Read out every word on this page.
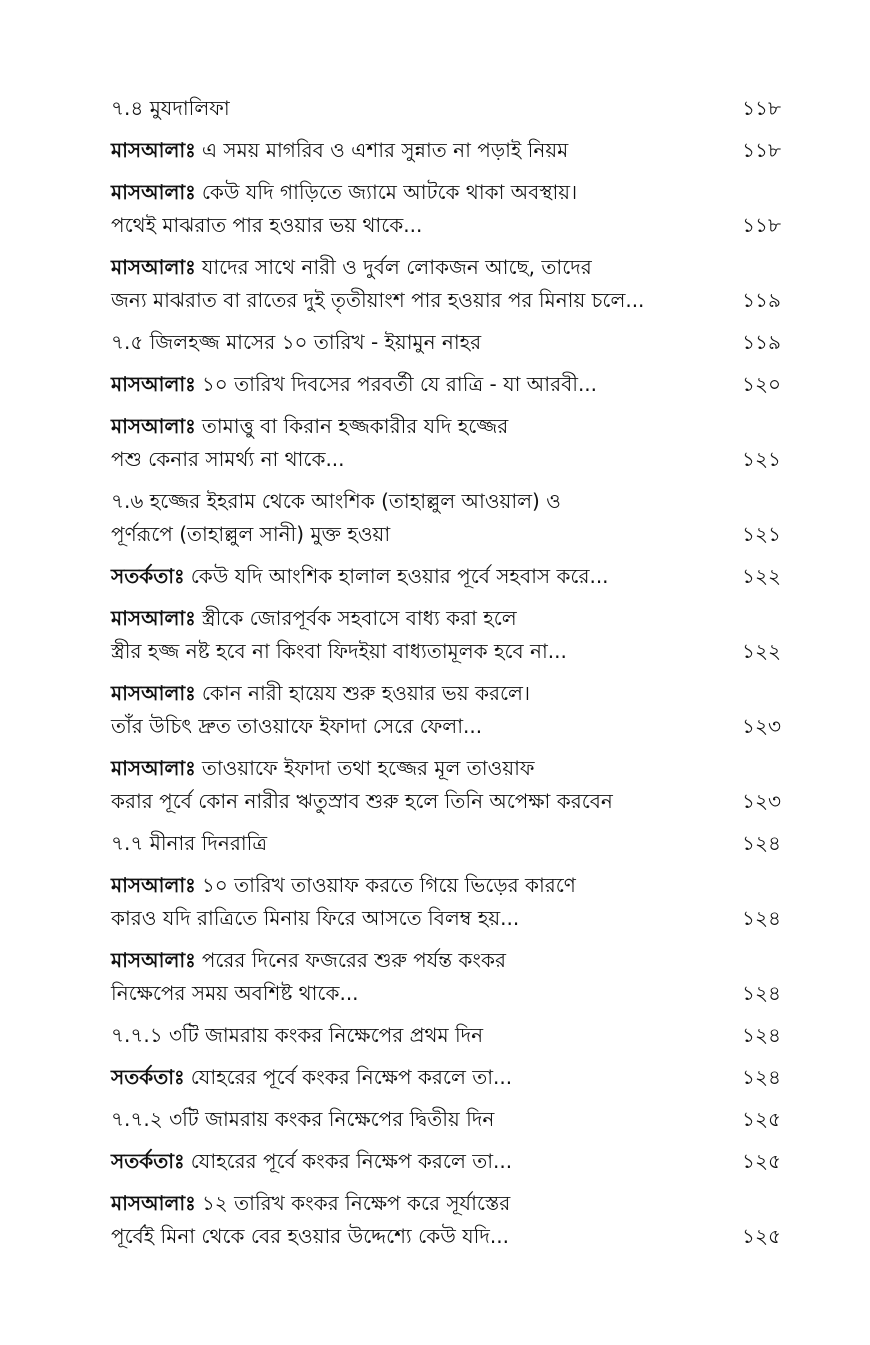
৭.৪ মুযদালিফা	১১৮
মাসআলাঃ এ সময় মাগরিব ও এশার সুন্নাত না পড়াই নিয়ম	১১৮
মাসআলাঃ কেউ যদি গাড়িতে জ্যামে আটকে থাকা অবস্থায়।
পথেই মাঝরাত পার হওয়ার ভয় থাকে...	১১৮
মাসআলাঃ যাদের সাথে নারী ও দুর্বল লোকজন আছে, তাদের
জন্য মাঝরাত বা রাতের দুই তৃতীয়াংশ পার হওয়ার পর মিনায় চলে...	১১৯
৭.৫ জিলহজ্জ মাসের ১০ তারিখ - ইয়ামুন নাহর	১১৯
মাসআলাঃ ১০ তারিখ দিবসের পরবর্তী যে রাত্রি - যা আরবী...	১২০
মাসআলাঃ তামাত্তু বা কিরান হজ্জকারীর যদি হজ্জের
পশু কেনার সামর্থ্য না থাকে...	১২১
৭.৬ হজ্জের ইহরাম থেকে আংশিক (তাহাল্লুল আওয়াল) ও
পূর্ণরূপে (তাহাল্লুল সানী) মুক্ত হওয়া	১২১
সতর্কতাঃ কেউ যদি আংশিক হালাল হওয়ার পূর্বে সহবাস করে...	১২২
মাসআলাঃ স্ত্রীকে জোরপূর্বক সহবাসে বাধ্য করা হলে
স্ত্রীর হজ্জ নষ্ট হবে না কিংবা ফিদইয়া বাধ্যতামূলক হবে না...	১২২
মাসআলাঃ কোন নারী হায়েয শুরু হওয়ার ভয় করলে।
তাঁর উচিৎ দ্রুত তাওয়াফে ইফাদা সেরে ফেলা...	১২৩
মাসআলাঃ তাওয়াফে ইফাদা তথা হজ্জের মূল তাওয়াফ
করার পূর্বে কোন নারীর ঋতুস্রাব শুরু হলে তিনি অপেক্ষা করবেন	১২৩
৭.৭ মীনার দিনরাত্রি	১২৪
মাসআলাঃ ১০ তারিখ তাওয়াফ করতে গিয়ে ভিড়ের কারণে
কারও যদি রাত্রিতে মিনায় ফিরে আসতে বিলম্ব হয়...	১২৪
মাসআলাঃ পরের দিনের ফজরের শুরু পর্যন্ত কংকর
নিক্ষেপের সময় অবশিষ্ট থাকে...	১২৪
৭.৭.১ ৩টি জামরায় কংকর নিক্ষেপের প্রথম দিন	১২৪
সতর্কতাঃ যোহরের পূর্বে কংকর নিক্ষেপ করলে তা...	১২৪
৭.৭.২ ৩টি জামরায় কংকর নিক্ষেপের দ্বিতীয় দিন	১২৫
সতর্কতাঃ যোহরের পূর্বে কংকর নিক্ষেপ করলে তা...	১২৫
মাসআলাঃ ১২ তারিখ কংকর নিক্ষেপ করে সূর্যাস্তের
পূর্বেই মিনা থেকে বের হওয়ার উদ্দেশ্যে কেউ যদি...	১২৫
